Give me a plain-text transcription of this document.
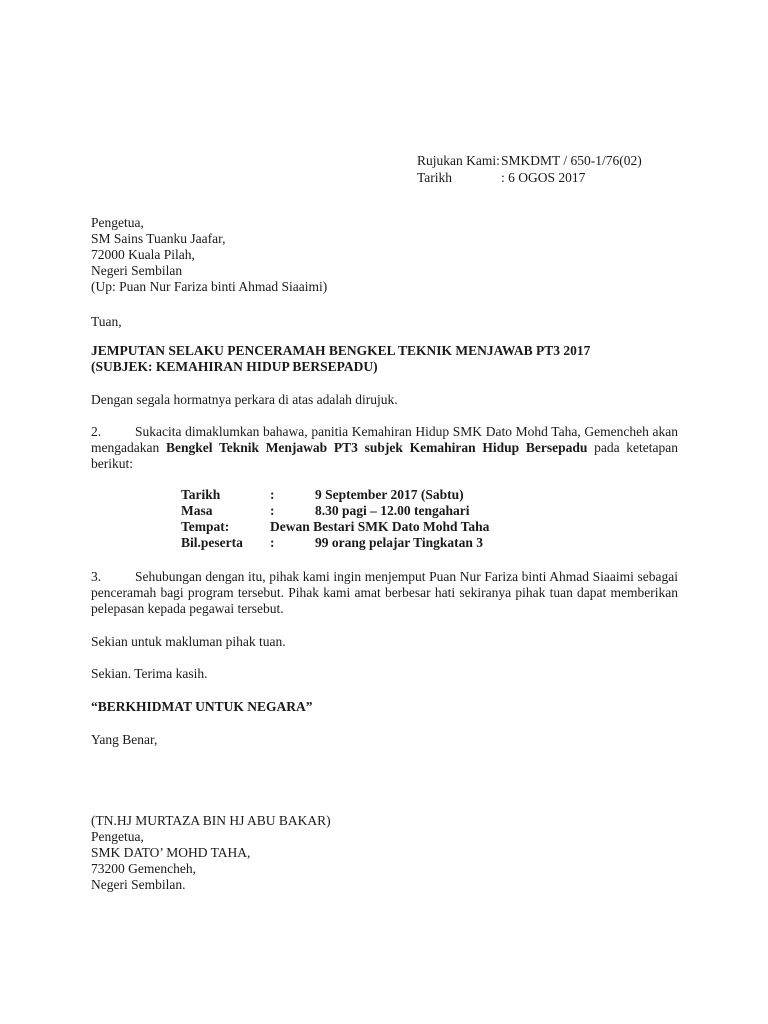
Rujukan Kami:SMKDMT / 650-1/76(02)
Tarikh	: 6 OGOS 2017
Pengetua,
SM Sains Tuanku Jaafar,
72000 Kuala Pilah,
Negeri Sembilan
(Up: Puan Nur Fariza binti Ahmad Siaaimi)
Tuan,
JEMPUTAN SELAKU PENCERAMAH BENGKEL TEKNIK MENJAWAB PT3 2017
(SUBJEK: KEMAHIRAN HIDUP BERSEPADU)
Dengan segala hormatnya perkara di atas adalah dirujuk.
2.	Sukacita dimaklumkan bahawa, panitia Kemahiran Hidup SMK Dato Mohd Taha, Gemencheh akan mengadakan Bengkel Teknik Menjawab PT3 subjek Kemahiran Hidup Bersepadu pada ketetapan berikut:
Tarikh	:	9 September 2017 (Sabtu)
Masa	:	8.30 pagi – 12.00 tengahari
Tempat:	Dewan Bestari SMK Dato Mohd Taha
Bil.peserta :	99 orang pelajar Tingkatan 3
3.	Sehubungan dengan itu, pihak kami ingin menjemput Puan Nur Fariza binti Ahmad Siaaimi sebagai penceramah bagi program tersebut. Pihak kami amat berbesar hati sekiranya pihak tuan dapat memberikan pelepasan kepada pegawai tersebut.
Sekian untuk makluman pihak tuan.
Sekian. Terima kasih.
“BERKHIDMAT UNTUK NEGARA”
Yang Benar,
(TN.HJ MURTAZA BIN HJ ABU BAKAR)
Pengetua,
SMK DATO’ MOHD TAHA,
73200 Gemencheh,
Negeri Sembilan.
